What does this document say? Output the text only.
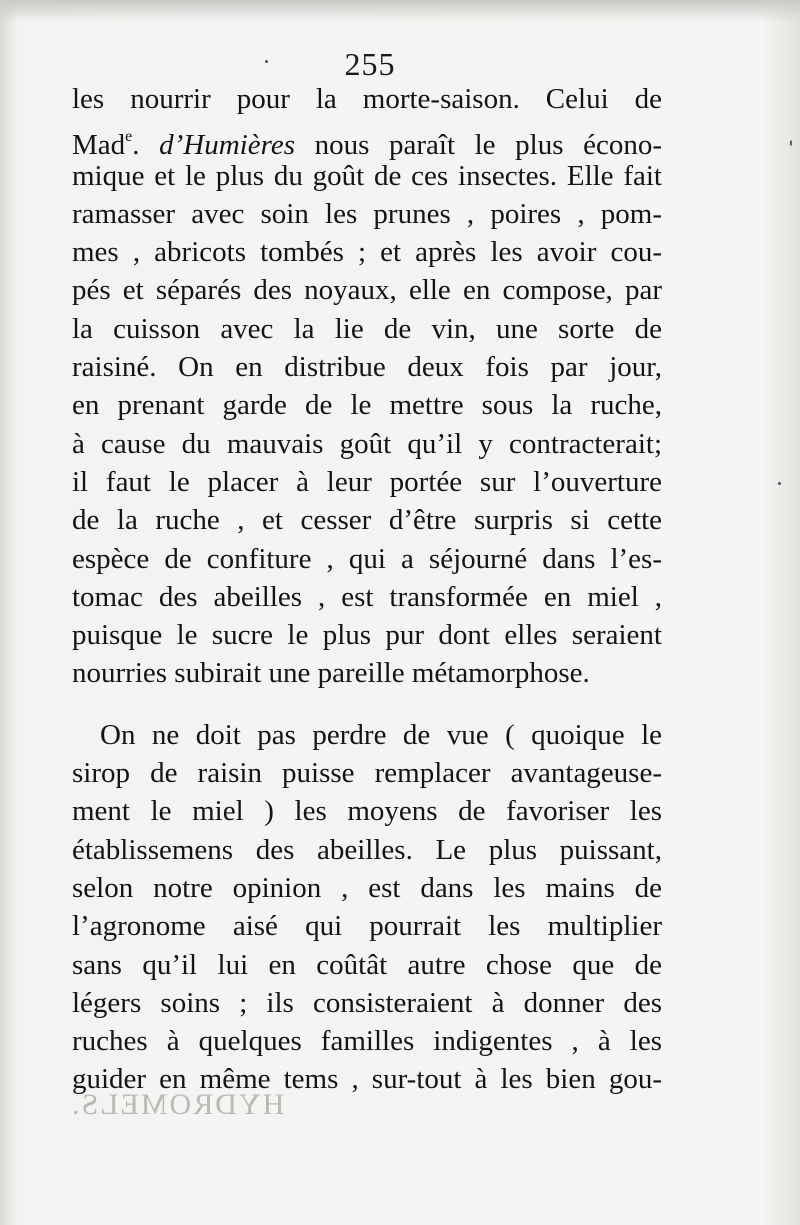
255
les nourrir pour la morte-saison. Celui de
Mad$^e$. d’Humières nous paraît le plus écono-
mique et le plus du goût de ces insectes. Elle fait
ramasser avec soin les prunes , poires , pom-
mes , abricots tombés ; et après les avoir cou-
pés et séparés des noyaux, elle en compose, par
la cuisson avec la lie de vin, une sorte de
raisiné. On en distribue deux fois par jour,
en prenant garde de le mettre sous la ruche,
à cause du mauvais goût qu’il y contracterait;
il faut le placer à leur portée sur l’ouverture
de la ruche , et cesser d’être surpris si cette
espèce de confiture , qui a séjourné dans l’es-
tomac des abeilles , est transformée en miel ,
puisque le sucre le plus pur dont elles seraient
nourries subirait une pareille métamorphose.
On ne doit pas perdre de vue ( quoique le
sirop de raisin puisse remplacer avantageuse-
ment le miel ) les moyens de favoriser les
établissemens des abeilles. Le plus puissant,
selon notre opinion , est dans les mains de
l’agronome aisé qui pourrait les multiplier
sans qu’il lui en coûtât autre chose que de
légers soins ; ils consisteraient à donner des
ruches à quelques familles indigentes , à les
guider en même tems , sur-tout à les bien gou-
HYDROMELS.
